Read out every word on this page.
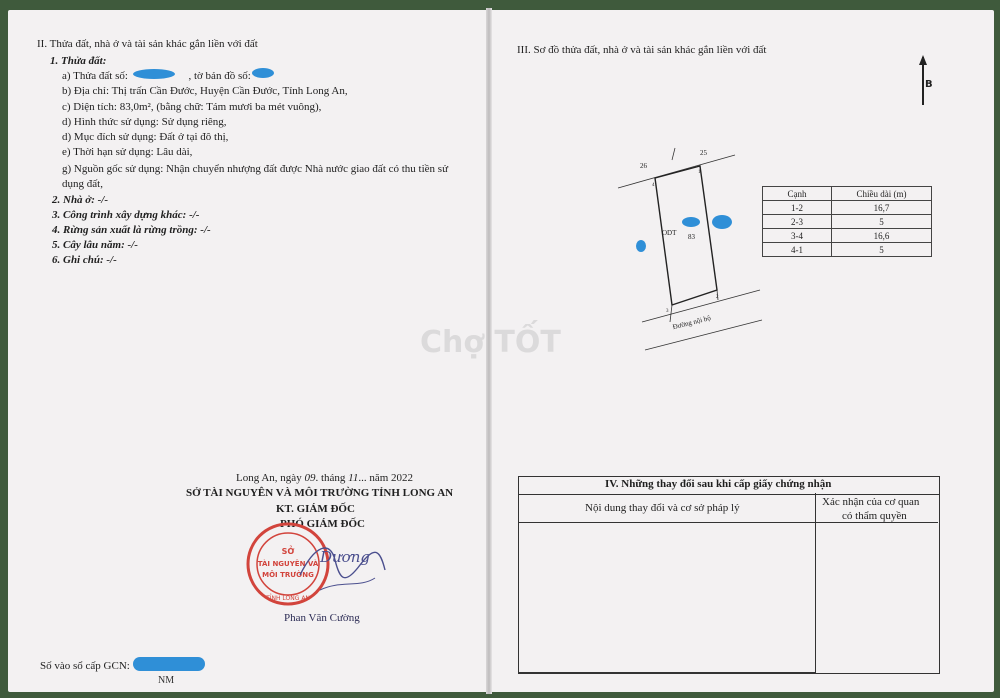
II. Thửa đất, nhà ở và tài sản khác gắn liền với đất
1. Thửa đất:
a) Thửa đất số:	, tờ bản đồ số:
b) Địa chỉ: Thị trấn Cần Đước, Huyện Cần Đước, Tỉnh Long An,
c) Diện tích: 83,0m², (bằng chữ: Tám mươi ba mét vuông),
d) Hình thức sử dụng: Sử dụng riêng,
d) Mục đích sử dụng: Đất ở tại đô thị,
e) Thời hạn sử dụng: Lâu dài,
g) Nguồn gốc sử dụng: Nhận chuyển nhượng đất được Nhà nước giao đất có thu tiền sử
dụng đất,
2. Nhà ở: -/-
3. Công trình xây dựng khác: -/-
4. Rừng sản xuất là rừng trồng: -/-
5. Cây lâu năm: -/-
6. Ghi chú: -/-
Long An, ngày 09. tháng 11... năm 2022
SỞ TÀI NGUYÊN VÀ MÔI TRƯỜNG TỈNH LONG AN
KT. GIÁM ĐỐC
PHÓ GIÁM ĐỐC
SỞ
TÀI NGUYÊN VÀ
MÔI TRƯỜNG
TỈNH LONG AN
Dương
Phan Văn Cường
Số vào sổ cấp GCN:
NM
III. Sơ đồ thửa đất, nhà ở và tài sản khác gắn liền với đất
B
26
25
4
1
2
3
ODT 83
Đường nội bộ
Cạnh	Chiều dài (m)
1-2	16,7
2-3	5
3-4	16,6
4-1	5
Chợ TỐT
IV. Những thay đổi sau khi cấp giấy chứng nhận
Nội dung thay đổi và cơ sở pháp lý	Xác nhận của cơ quan
có thẩm quyền
